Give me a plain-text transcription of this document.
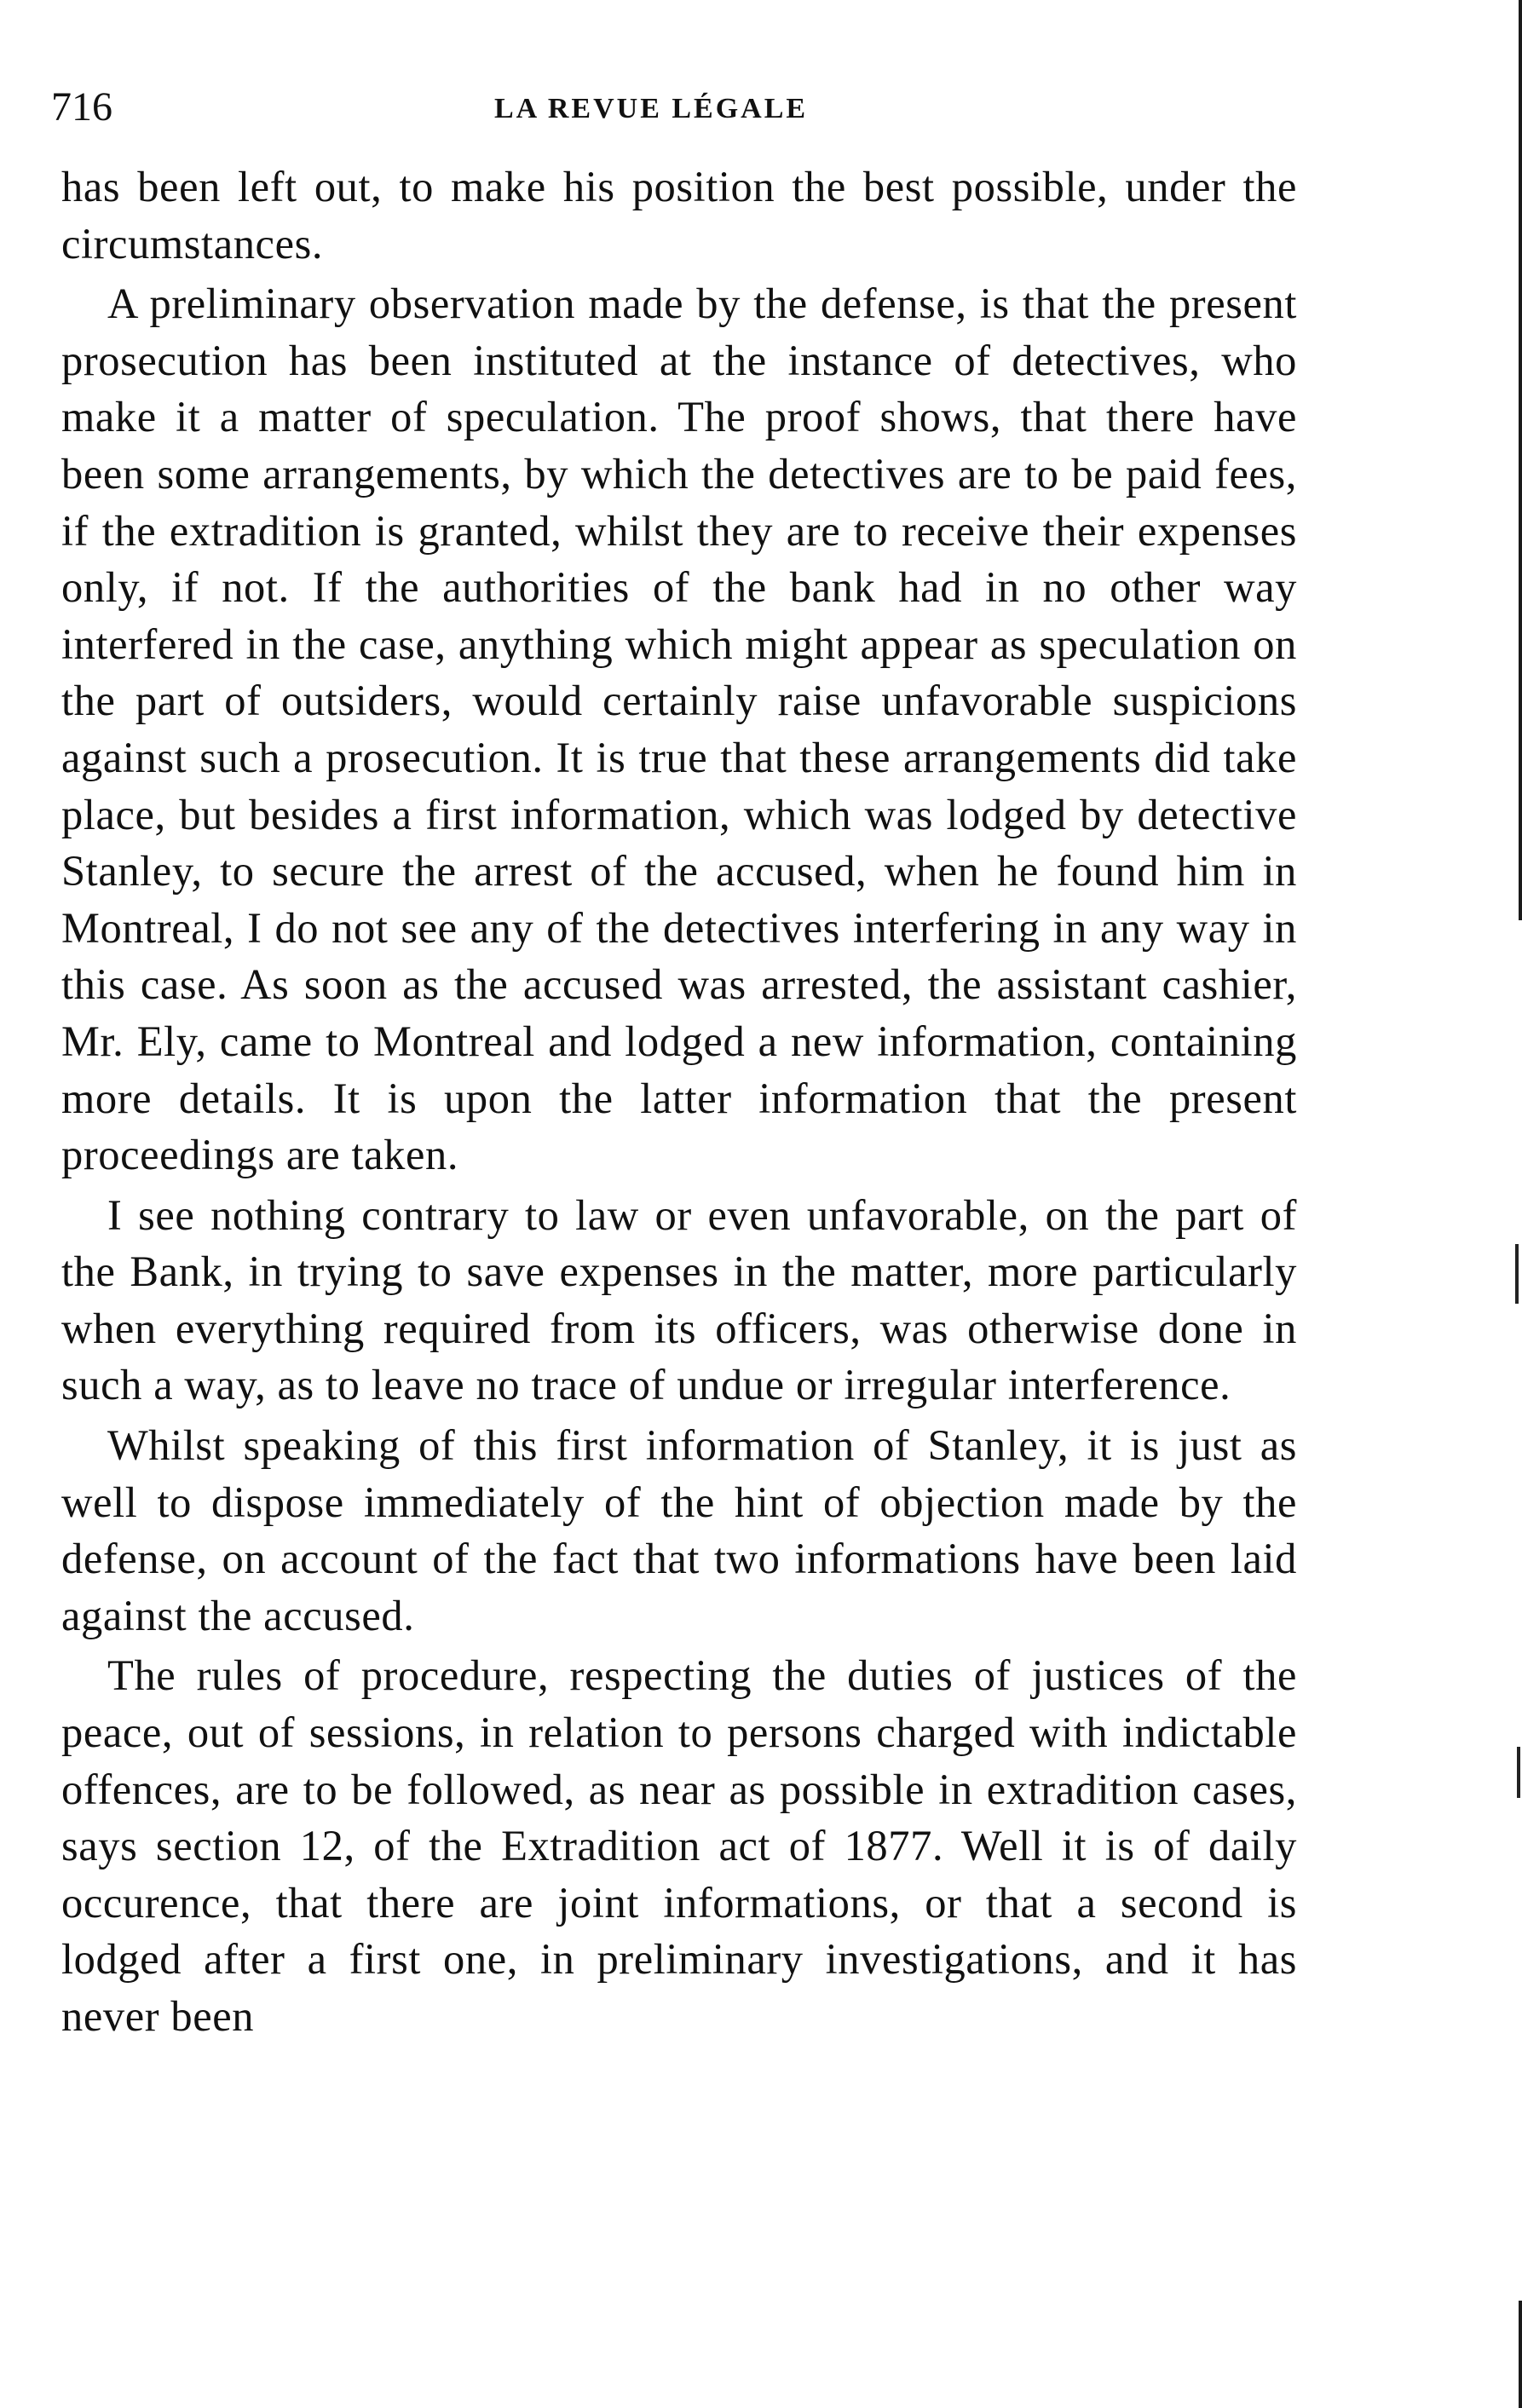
716	LA REVUE LÉGALE

has been left out, to make his position the best possible, under the circumstances.

A preliminary observation made by the defense, is that the present prosecution has been instituted at the instance of detectives, who make it a matter of speculation. The proof shows, that there have been some arrangements, by which the detectives are to be paid fees, if the extradition is granted, whilst they are to receive their expenses only, if not. If the authorities of the bank had in no other way interfered in the case, anything which might appear as speculation on the part of outsiders, would certainly raise unfavorable suspicions against such a prosecution. It is true that these arrangements did take place, but besides a first information, which was lodged by detective Stanley, to secure the arrest of the accused, when he found him in Montreal, I do not see any of the detectives interfering in any way in this case. As soon as the accused was arrested, the assistant cashier, Mr. Ely, came to Montreal and lodged a new information, containing more details. It is upon the latter information that the present proceedings are taken.

I see nothing contrary to law or even unfavorable, on the part of the Bank, in trying to save expenses in the matter, more particularly when everything required from its officers, was otherwise done in such a way, as to leave no trace of undue or irregular interference.

Whilst speaking of this first information of Stanley, it is just as well to dispose immediately of the hint of objection made by the defense, on account of the fact that two informations have been laid against the accused.

The rules of procedure, respecting the duties of justices of the peace, out of sessions, in relation to persons charged with indictable offences, are to be followed, as near as possible in extradition cases, says section 12, of the Extradition act of 1877. Well it is of daily occurence, that there are joint informations, or that a second is lodged after a first one, in preliminary investigations, and it has never been
